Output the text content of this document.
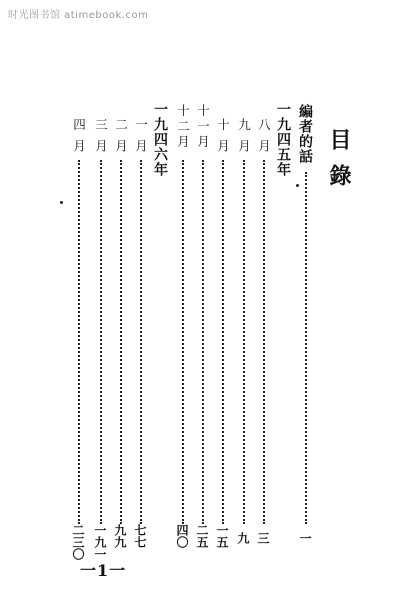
时光图书馆 atimebook.com
目錄
編者的話
一
一九四五年
八月
三
九月
九
十月
一五
十一月
二五
十二月
四〇
一九四六年
一月
七七
二月
九九
三月
一九一
四月
二三〇
一1一
